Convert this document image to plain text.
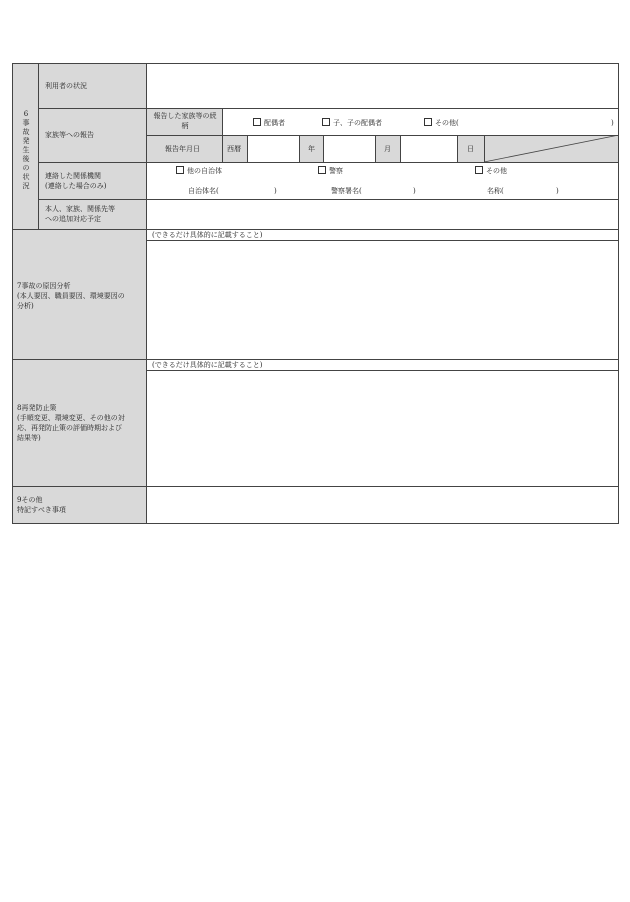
6事故発生後の状況
利用者の状況
家族等への報告
報告した家族等の続柄	配偶者	子、子の配偶者	その他(	)
報告年月日	西暦	年	月	日
連絡した関係機関
(連絡した場合のみ)
他の自治体	警察	その他
自治体名(	)	警察署名(	)	名称(	)
本人、家族、関係先等
への追加対応予定
7事故の原因分析
(本人要因、職員要因、環境要因の
分析)
(できるだけ具体的に記載すること)
8再発防止策
(手順変更、環境変更、その他の対
応、再発防止策の評価時期および
結果等)
(できるだけ具体的に記載すること)
9その他
特記すべき事項
